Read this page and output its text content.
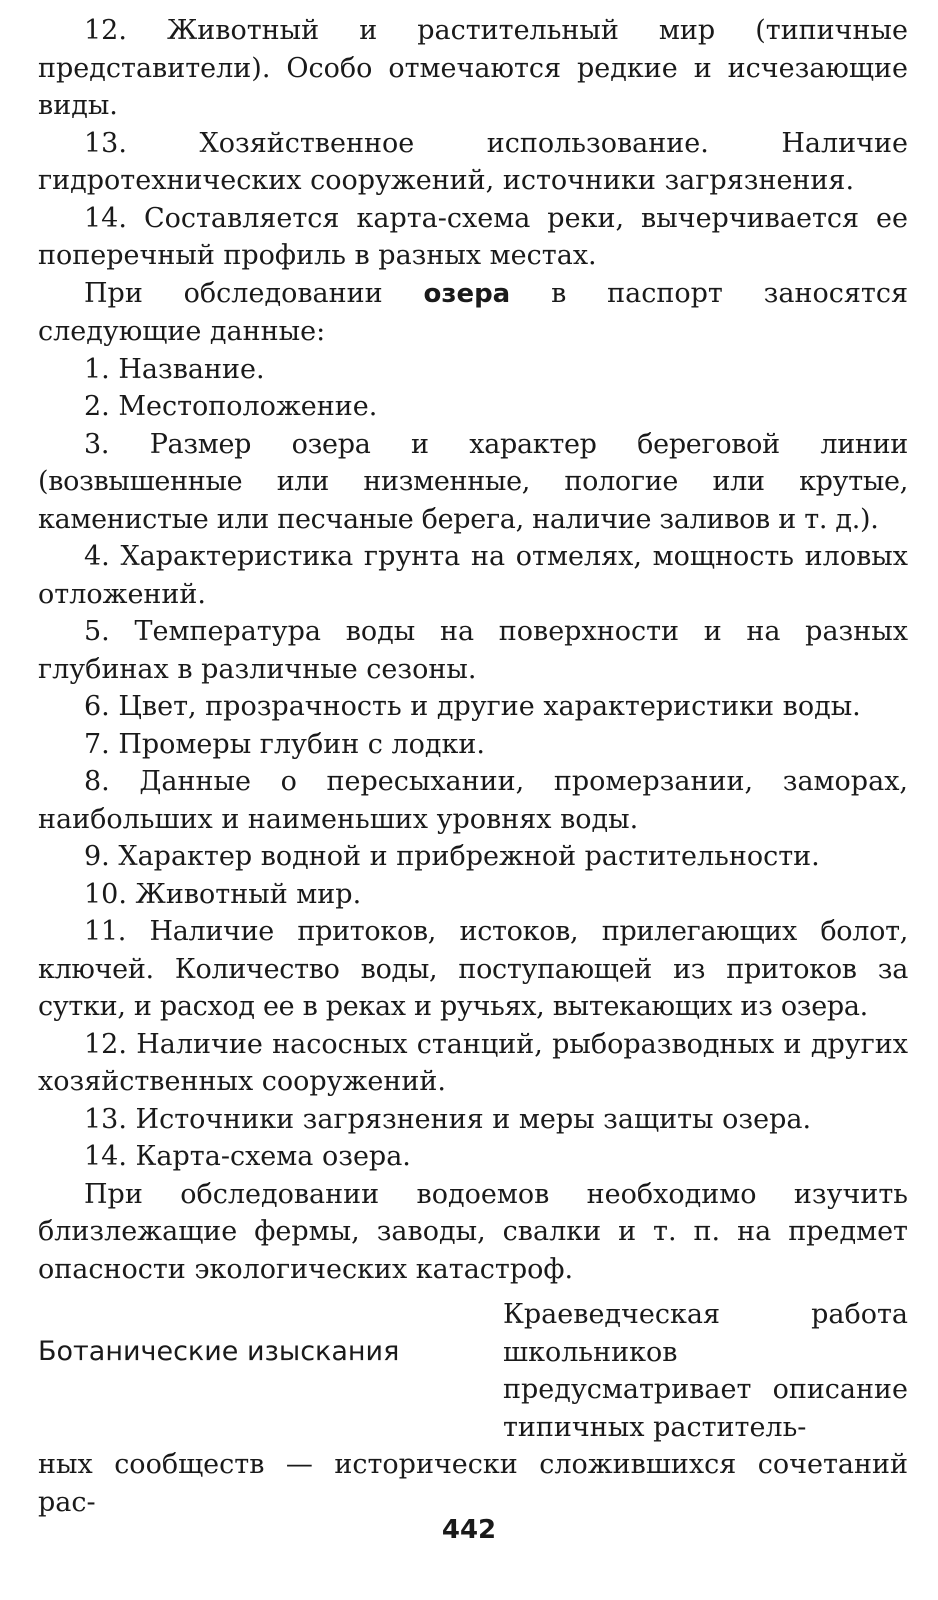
12. Животный и растительный мир (типичные представители). Особо отмечаются редкие и исчезающие виды.

13. Хозяйственное использование. Наличие гидротехнических сооружений, источники загрязнения.

14. Составляется карта-схема реки, вычерчивается ее поперечный профиль в разных местах.

При обследовании озера в паспорт заносятся следующие данные:

1. Название.

2. Местоположение.

3. Размер озера и характер береговой линии (возвышенные или низменные, пологие или крутые, каменистые или песчаные берега, наличие заливов и т. д.).

4. Характеристика грунта на отмелях, мощность иловых отложений.

5. Температура воды на поверхности и на разных глубинах в различные сезоны.

6. Цвет, прозрачность и другие характеристики воды.

7. Промеры глубин с лодки.

8. Данные о пересыхании, промерзании, заморах, наибольших и наименьших уровнях воды.

9. Характер водной и прибрежной растительности.

10. Животный мир.

11. Наличие притоков, истоков, прилегающих болот, ключей. Количество воды, поступающей из притоков за сутки, и расход ее в реках и ручьях, вытекающих из озера.

12. Наличие насосных станций, рыборазводных и других хозяйственных сооружений.

13. Источники загрязнения и меры защиты озера.

14. Карта-схема озера.

При обследовании водоемов необходимо изучить близлежащие фермы, заводы, свалки и т. п. на предмет опасности экологических катастроф.

Ботанические изыскания

Краеведческая работа школьников предусматривает описание типичных раститель-

ных сообществ — исторически сложившихся сочетаний рас-

442
